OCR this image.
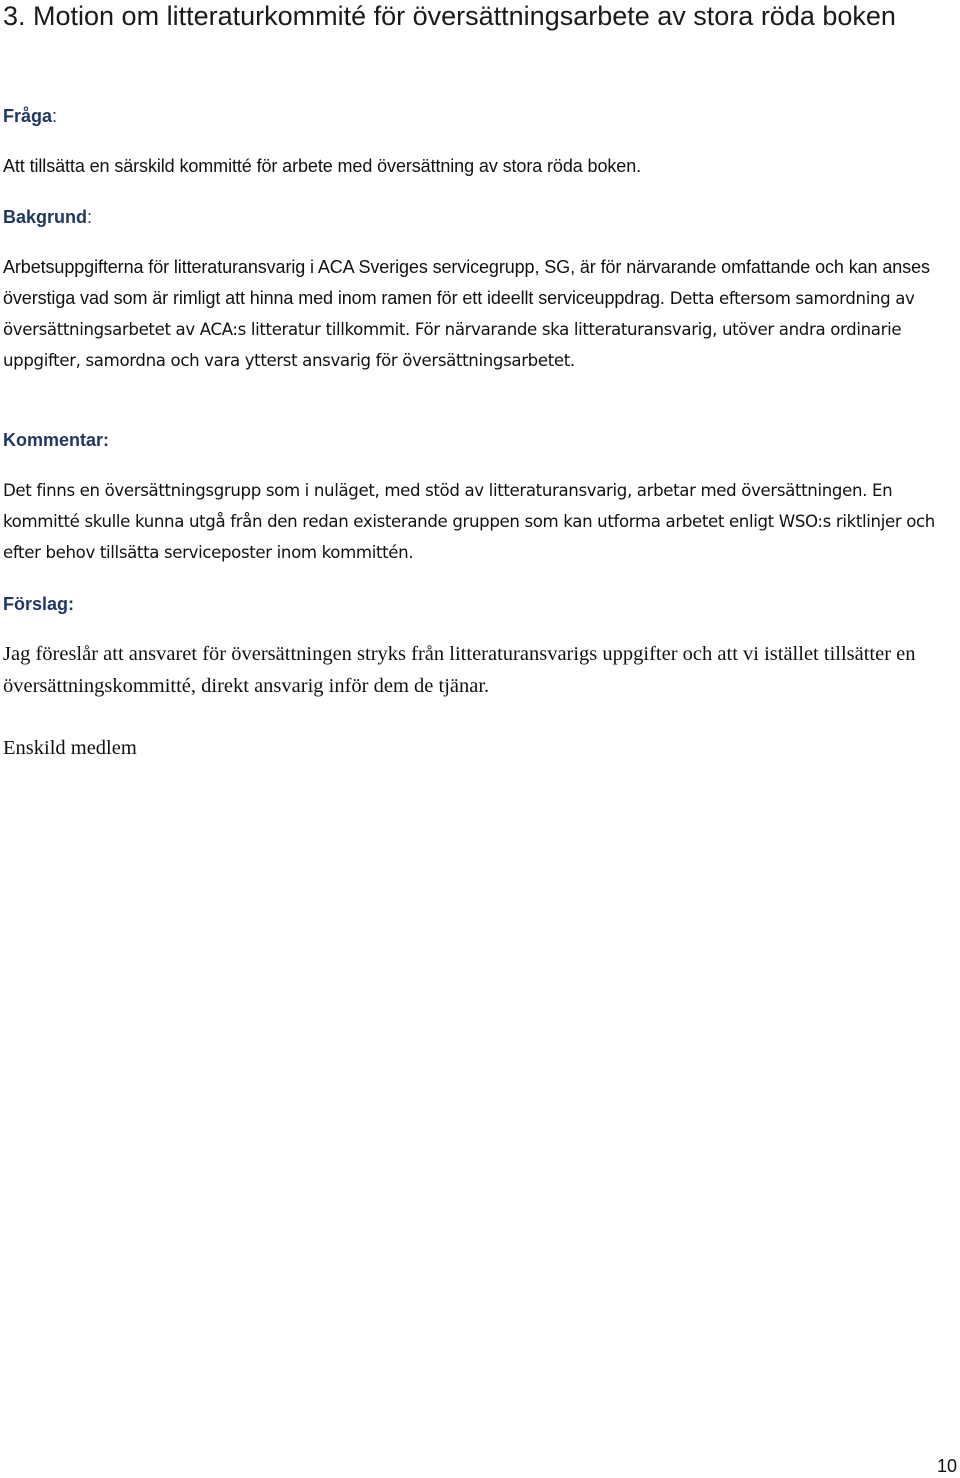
3. Motion om litteraturkommité för översättningsarbete av stora röda boken

Fråga:

Att tillsätta en särskild kommitté för arbete med översättning av stora röda boken.

Bakgrund:

Arbetsuppgifterna för litteraturansvarig i ACA Sveriges servicegrupp, SG, är för närvarande omfattande och kan anses överstiga vad som är rimligt att hinna med inom ramen för ett ideellt serviceuppdrag. Detta eftersom samordning av översättningsarbetet av ACA:s litteratur tillkommit. För närvarande ska litteraturansvarig, utöver andra ordinarie uppgifter, samordna och vara ytterst ansvarig för översättningsarbetet.

Kommentar:

Det finns en översättningsgrupp som i nuläget, med stöd av litteraturansvarig, arbetar med översättningen. En kommitté skulle kunna utgå från den redan existerande gruppen som kan utforma arbetet enligt WSO:s riktlinjer och efter behov tillsätta serviceposter inom kommittén.

Förslag:

Jag föreslår att ansvaret för översättningen stryks från litteraturansvarigs uppgifter och att vi istället tillsätter en översättningskommitté, direkt ansvarig inför dem de tjänar.

Enskild medlem

10
